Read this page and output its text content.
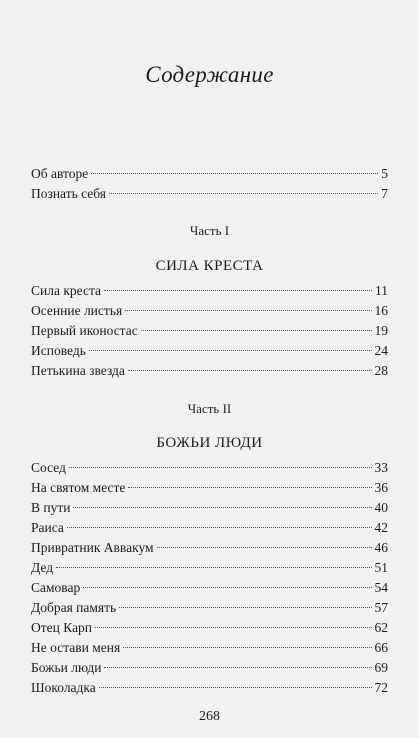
Содержание
Об авторе	5
Познать себя	7
Часть I
СИЛА КРЕСТА
Сила креста	11
Осенние листья	16
Первый иконостас	19
Исповедь	24
Петькина звезда	28
Часть II
БОЖЬИ ЛЮДИ
Сосед	33
На святом месте	36
В пути	40
Раиса	42
Привратник Аввакум	46
Дед	51
Самовар	54
Добрая память	57
Отец Карп	62
Не остави меня	66
Божьи люди	69
Шоколадка	72
268
